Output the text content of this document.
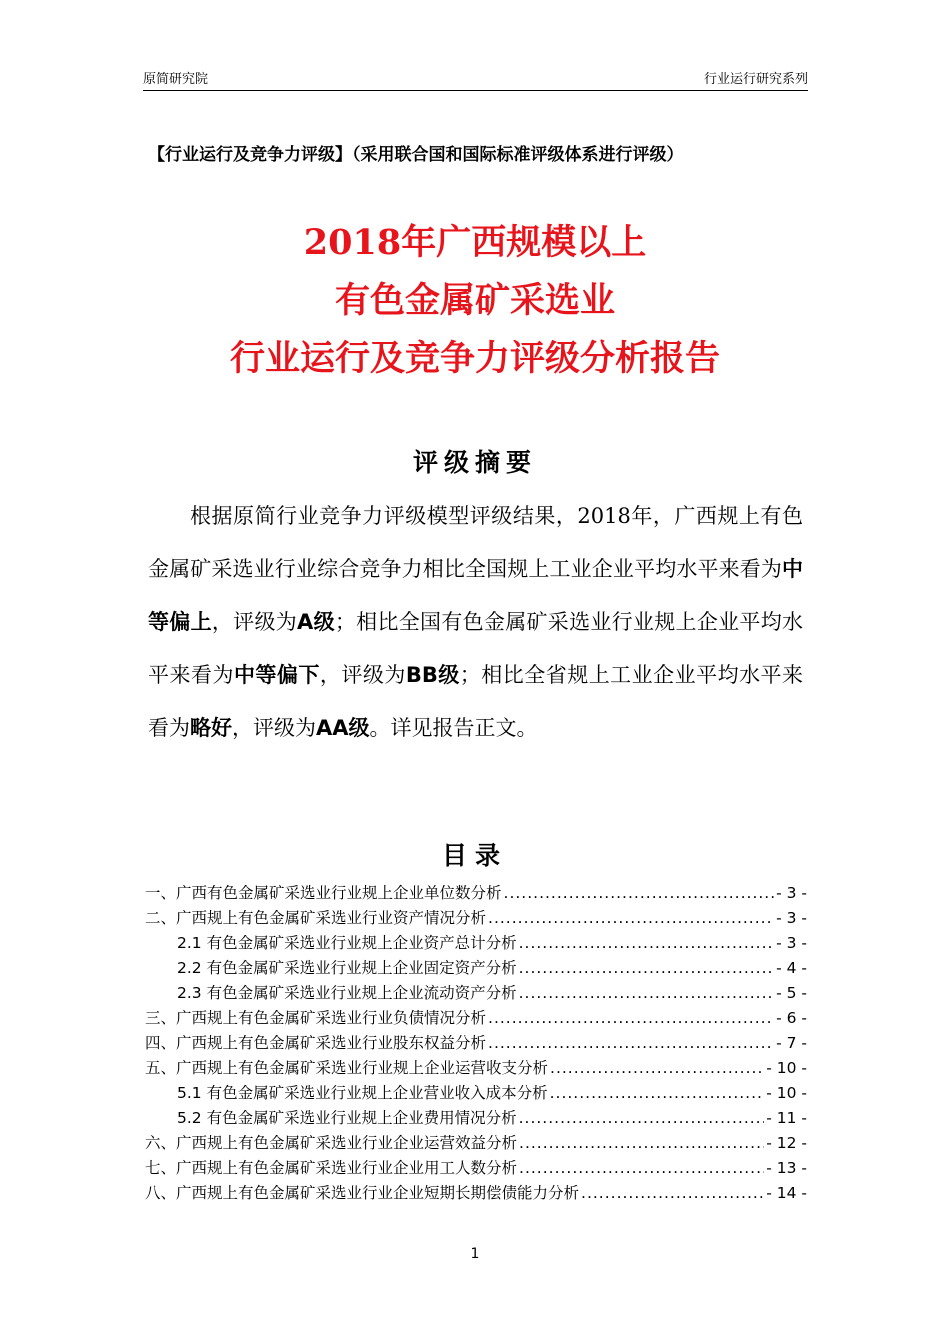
原简研究院	行业运行研究系列
【行业运行及竞争力评级】（采用联合国和国际标准评级体系进行评级）
2018年广西规模以上
有色金属矿采选业
行业运行及竞争力评级分析报告
评级摘要

根据原简行业竞争力评级模型评级结果，2018年，广西规上有色金属矿采选业行业综合竞争力相比全国规上工业企业平均水平来看为中等偏上，评级为A级；相比全国有色金属矿采选业行业规上企业平均水平来看为中等偏下，评级为BB级；相比全省规上工业企业平均水平来看为略好，评级为AA级。详见报告正文。

目录
一、广西有色金属矿采选业行业规上企业单位数分析 .....	- 3 -
二、广西规上有色金属矿采选业行业资产情况分析 .....	- 3 -
2.1 有色金属矿采选业行业规上企业资产总计分析 .....	- 3 -
2.2 有色金属矿采选业行业规上企业固定资产分析 .....	- 4 -
2.3 有色金属矿采选业行业规上企业流动资产分析 .....	- 5 -
三、广西规上有色金属矿采选业行业负债情况分析 .....	- 6 -
四、广西规上有色金属矿采选业行业股东权益分析 .....	- 7 -
五、广西规上有色金属矿采选业行业规上企业运营收支分析 .....	- 10 -
5.1 有色金属矿采选业行业规上企业营业收入成本分析 .....	- 10 -
5.2 有色金属矿采选业行业规上企业费用情况分析 .....	- 11 -
六、广西规上有色金属矿采选业行业企业运营效益分析 .....	- 12 -
七、广西规上有色金属矿采选业行业企业用工人数分析 .....	- 13 -
八、广西规上有色金属矿采选业行业企业短期长期偿债能力分析 .....	- 14 -
1
